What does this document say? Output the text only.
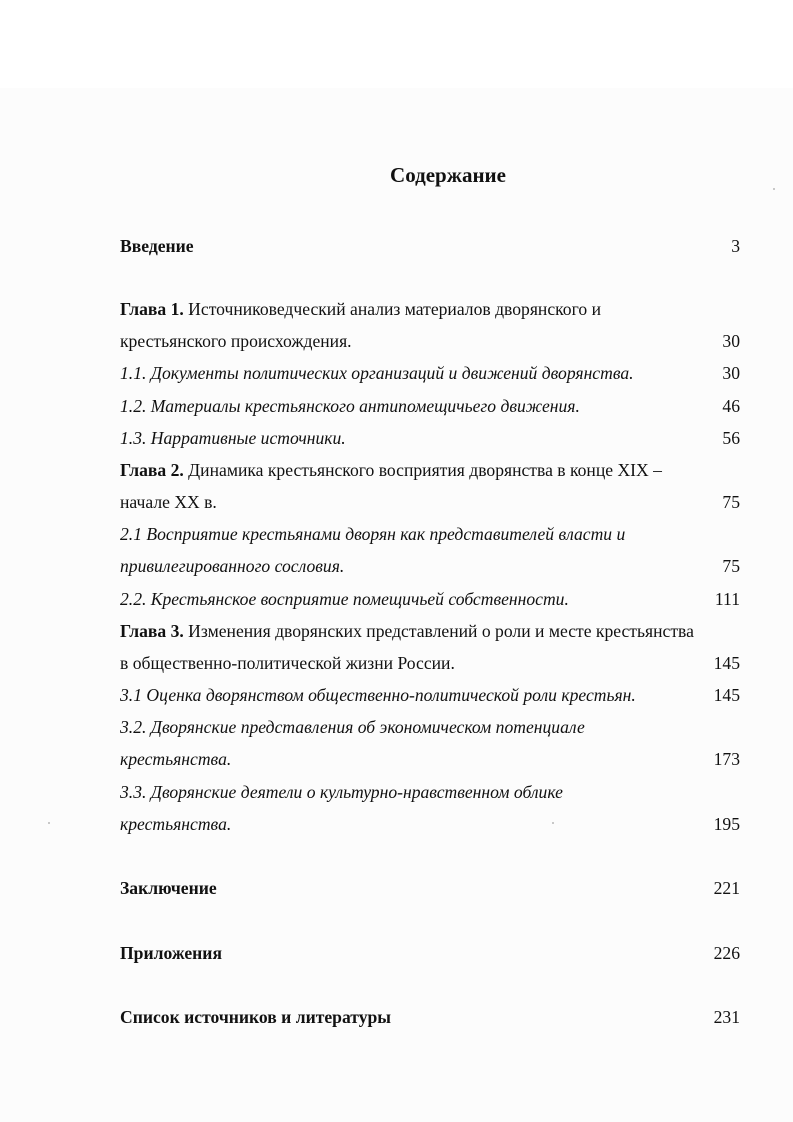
Содержание
Введение	3
Глава 1. Источниковедческий анализ материалов дворянского и
крестьянского происхождения.	30
1.1. Документы политических организаций и движений дворянства.	30
1.2. Материалы крестьянского антипомещичьего движения.	46
1.3. Нарративные источники.	56
Глава 2. Динамика крестьянского восприятия дворянства в конце XIX –
начале XX в.	75
2.1 Восприятие крестьянами дворян как представителей власти и
привилегированного сословия.	75
2.2. Крестьянское восприятие помещичьей собственности.	111
Глава 3. Изменения дворянских представлений о роли и месте крестьянства
в общественно-политической жизни России.	145
3.1 Оценка дворянством общественно-политической роли крестьян.	145
3.2. Дворянские представления об экономическом потенциале
крестьянства.	173
3.3. Дворянские деятели о культурно-нравственном облике
крестьянства.	195
Заключение	221
Приложения	226
Список источников и литературы	231
